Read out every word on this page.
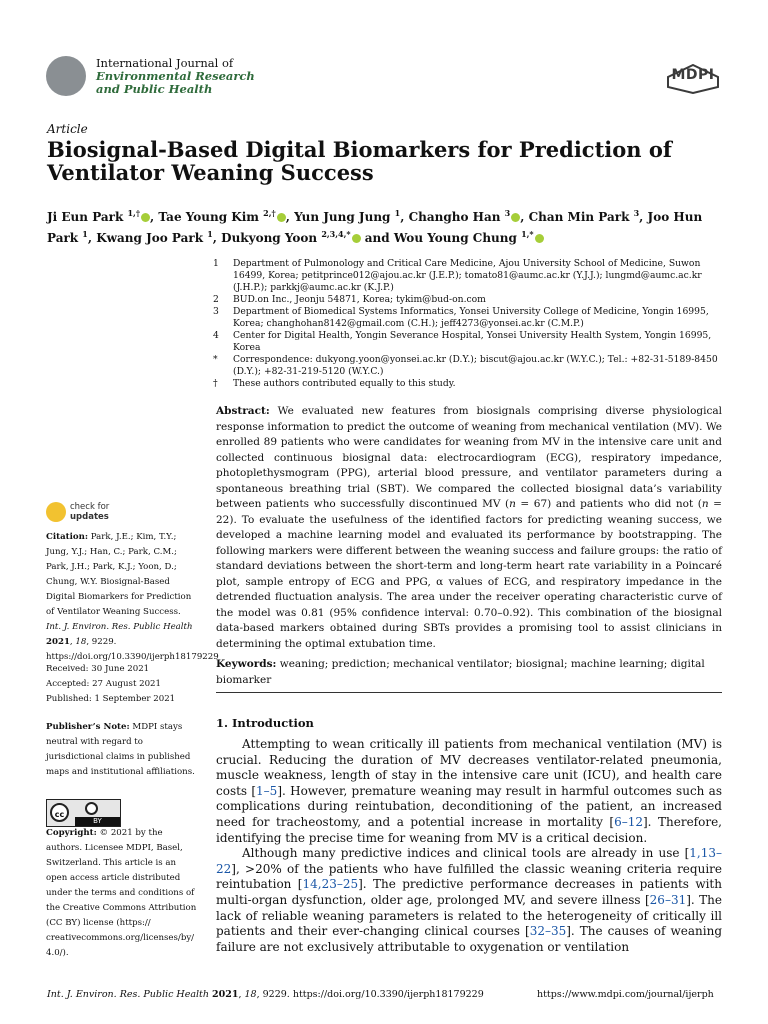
International Journal of
Environmental Research
and Public Health
MDPI
Article
Biosignal-Based Digital Biomarkers for Prediction of Ventilator Weaning Success
Ji Eun Park $^{1,\dagger}$ , Tae Young Kim $^{2,\dagger}$ , Yun Jung Jung $^1$, Changho Han $^3$ , Chan Min Park $^3$, Joo Hun Park $^1$, Kwang Joo Park $^1$, Dukyong Yoon $^{2,3,4,*}$ and Wou Young Chung $^{1,*}$
1	Department of Pulmonology and Critical Care Medicine, Ajou University School of Medicine, Suwon 16499, Korea; petitprince012@ajou.ac.kr (J.E.P.); tomato81@aumc.ac.kr (Y.J.J.); lungmd@aumc.ac.kr (J.H.P.); parkkj@aumc.ac.kr (K.J.P.)
2	BUD.on Inc., Jeonju 54871, Korea; tykim@bud-on.com
3	Department of Biomedical Systems Informatics, Yonsei University College of Medicine, Yongin 16995, Korea; changhohan8142@gmail.com (C.H.); jeff4273@yonsei.ac.kr (C.M.P.)
4	Center for Digital Health, Yongin Severance Hospital, Yonsei University Health System, Yongin 16995, Korea
*	Correspondence: dukyong.yoon@yonsei.ac.kr (D.Y.); biscut@ajou.ac.kr (W.Y.C.); Tel.: +82-31-5189-8450 (D.Y.); +82-31-219-5120 (W.Y.C.)
†	These authors contributed equally to this study.
Abstract: We evaluated new features from biosignals comprising diverse physiological response information to predict the outcome of weaning from mechanical ventilation (MV). We enrolled 89 patients who were candidates for weaning from MV in the intensive care unit and collected continuous biosignal data: electrocardiogram (ECG), respiratory impedance, photoplethysmogram (PPG), arterial blood pressure, and ventilator parameters during a spontaneous breathing trial (SBT). We compared the collected biosignal data’s variability between patients who successfully discontinued MV (n = 67) and patients who did not (n = 22). To evaluate the usefulness of the identified factors for predicting weaning success, we developed a machine learning model and evaluated its performance by bootstrapping. The following markers were different between the weaning success and failure groups: the ratio of standard deviations between the short-term and long-term heart rate variability in a Poincaré plot, sample entropy of ECG and PPG, α values of ECG, and respiratory impedance in the detrended fluctuation analysis. The area under the receiver operating characteristic curve of the model was 0.81 (95% confidence interval: 0.70–0.92). This combination of the biosignal data-based markers obtained during SBTs provides a promising tool to assist clinicians in determining the optimal extubation time.
Keywords: weaning; prediction; mechanical ventilator; biosignal; machine learning; digital biomarker
1. Introduction

Attempting to wean critically ill patients from mechanical ventilation (MV) is crucial. Reducing the duration of MV decreases ventilator-related pneumonia, muscle weakness, length of stay in the intensive care unit (ICU), and health care costs [1–5]. However, premature weaning may result in harmful outcomes such as complications during reintubation, deconditioning of the patient, an increased need for tracheostomy, and a potential increase in mortality [6–12]. Therefore, identifying the precise time for weaning from MV is a critical decision.

Although many predictive indices and clinical tools are already in use [1,13–22], >20% of the patients who have fulfilled the classic weaning criteria require reintubation [14,23–25]. The predictive performance decreases in patients with multi-organ dysfunction, older age, prolonged MV, and severe illness [26–31]. The lack of reliable weaning parameters is related to the heterogeneity of critically ill patients and their ever-changing clinical courses [32–35]. The causes of weaning failure are not exclusively attributable to oxygenation or ventilation

check for
updates
Citation: Park, J.E.; Kim, T.Y.; Jung, Y.J.; Han, C.; Park, C.M.; Park, J.H.; Park, K.J.; Yoon, D.; Chung, W.Y. Biosignal-Based Digital Biomarkers for Prediction of Ventilator Weaning Success. Int. J. Environ. Res. Public Health 2021, 18, 9229. https://doi.org/10.3390/ijerph18179229
Received: 30 June 2021
Accepted: 27 August 2021
Published: 1 September 2021
Publisher’s Note: MDPI stays neutral with regard to jurisdictional claims in published maps and institutional affiliations.
cc
BY
Copyright: © 2021 by the authors. Licensee MDPI, Basel, Switzerland. This article is an open access article distributed under the terms and conditions of the Creative Commons Attribution (CC BY) license (https:// creativecommons.org/licenses/by/ 4.0/).
Int. J. Environ. Res. Public Health 2021, 18, 9229. https://doi.org/10.3390/ijerph18179229	https://www.mdpi.com/journal/ijerph
